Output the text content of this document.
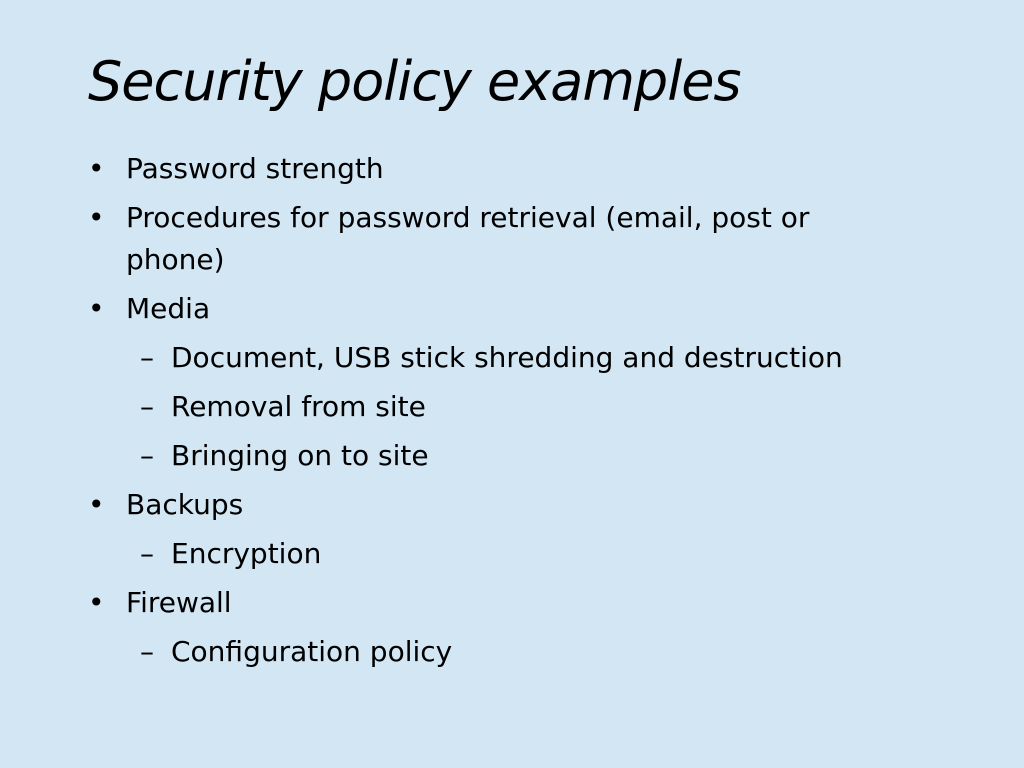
Security policy examples
• Password strength
• Procedures for password retrieval (email, post or phone)
• Media
– Document, USB stick shredding and destruction
– Removal from site
– Bringing on to site
• Backups
– Encryption
• Firewall
– Configuration policy
